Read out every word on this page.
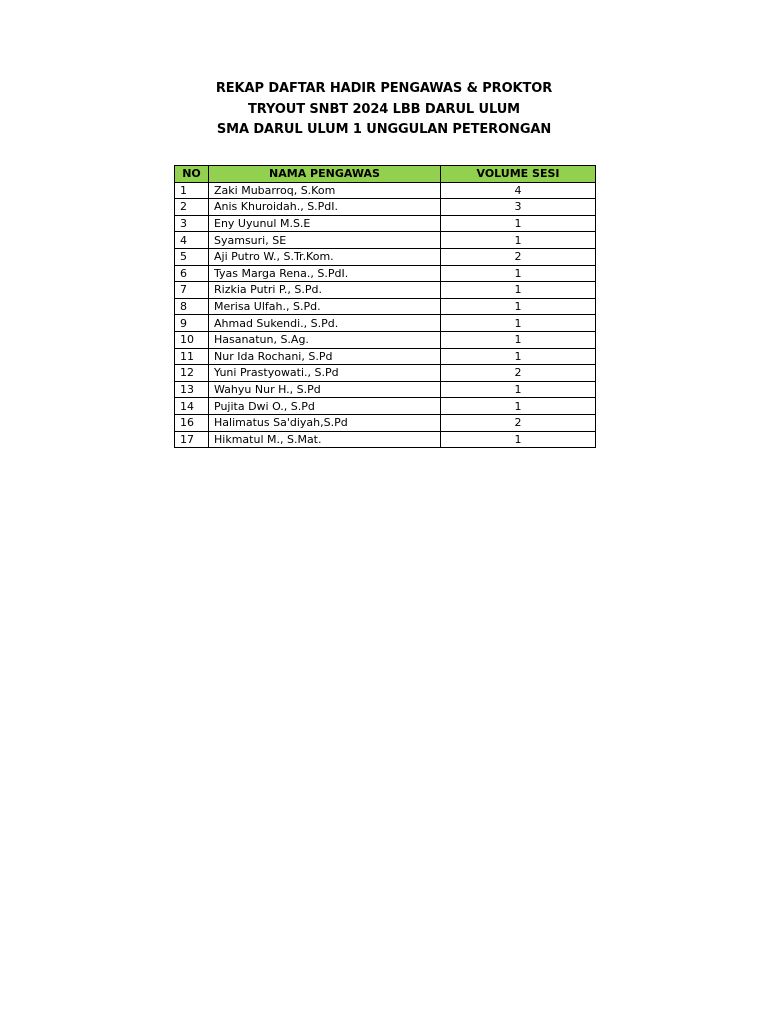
REKAP DAFTAR HADIR PENGAWAS & PROKTOR
TRYOUT SNBT 2024 LBB DARUL ULUM
SMA DARUL ULUM 1 UNGGULAN PETERONGAN
NO	NAMA PENGAWAS	VOLUME SESI
1	Zaki Mubarroq, S.Kom	4
2	Anis Khuroidah., S.PdI.	3
3	Eny Uyunul M.S.E	1
4	Syamsuri, SE	1
5	Aji Putro W., S.Tr.Kom.	2
6	Tyas Marga Rena., S.PdI.	1
7	Rizkia Putri P., S.Pd.	1
8	Merisa Ulfah., S.Pd.	1
9	Ahmad Sukendi., S.Pd.	1
10	Hasanatun, S.Ag.	1
11	Nur Ida Rochani, S.Pd	1
12	Yuni Prastyowati., S.Pd	2
13	Wahyu Nur H., S.Pd	1
14	Pujita Dwi O., S.Pd	1
16	Halimatus Sa'diyah,S.Pd	2
17	Hikmatul M., S.Mat.	1
